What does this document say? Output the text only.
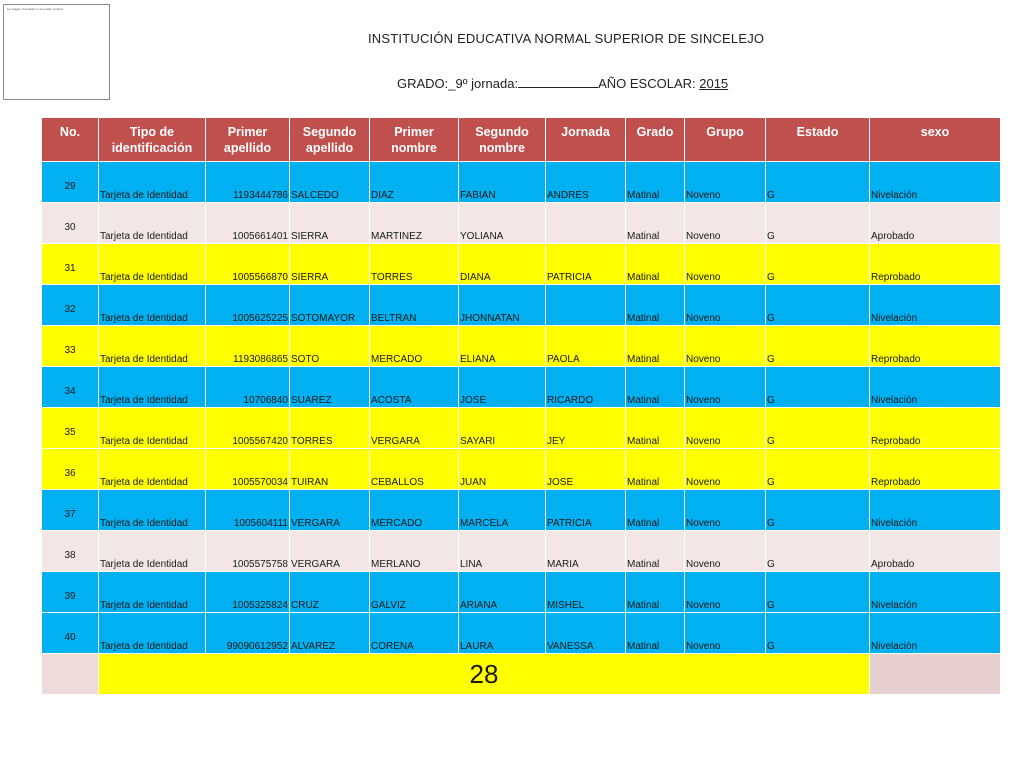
La imagen vinculada no se puede mostrar.
INSTITUCIÓN EDUCATIVA NORMAL SUPERIOR DE SINCELEJO
GRADO:_9º jornada:	AÑO ESCOLAR: 2015
No.	Tipo de identificación	Primer apellido	Segundo apellido	Primer nombre	Segundo nombre	Jornada	Grado	Grupo	Estado	sexo
29	Tarjeta de Identidad	1193444786	SALCEDO	DIAZ	FABIAN	ANDRES	Matinal	Noveno	G	Nivelación
30	Tarjeta de Identidad	1005661401	SIERRA	MARTINEZ	YOLIANA		Matinal	Noveno	G	Aprobado
31	Tarjeta de Identidad	1005566870	SIERRA	TORRES	DIANA	PATRICIA	Matinal	Noveno	G	Reprobado
32	Tarjeta de Identidad	1005625225	SOTOMAYOR	BELTRAN	JHONNATAN		Matinal	Noveno	G	Nivelación
33	Tarjeta de Identidad	1193086865	SOTO	MERCADO	ELIANA	PAOLA	Matinal	Noveno	G	Reprobado
34	Tarjeta de Identidad	10706840	SUAREZ	ACOSTA	JOSE	RICARDO	Matinal	Noveno	G	Nivelación
35	Tarjeta de Identidad	1005567420	TORRES	VERGARA	SAYARI	JEY	Matinal	Noveno	G	Reprobado
36	Tarjeta de Identidad	1005570034	TUIRAN	CEBALLOS	JUAN	JOSE	Matinal	Noveno	G	Reprobado
37	Tarjeta de Identidad	1005604111	VERGARA	MERCADO	MARCELA	PATRICIA	Matinal	Noveno	G	Nivelación
38	Tarjeta de Identidad	1005575758	VERGARA	MERLANO	LINA	MARIA	Matinal	Noveno	G	Aprobado
39	Tarjeta de Identidad	1005325824	CRUZ	GALVIZ	ARIANA	MISHEL	Matinal	Noveno	G	Nivelación
40	Tarjeta de Identidad	99090612952	ALVAREZ	CORENA	LAURA	VANESSA	Matinal	Noveno	G	Nivelación
	28									
